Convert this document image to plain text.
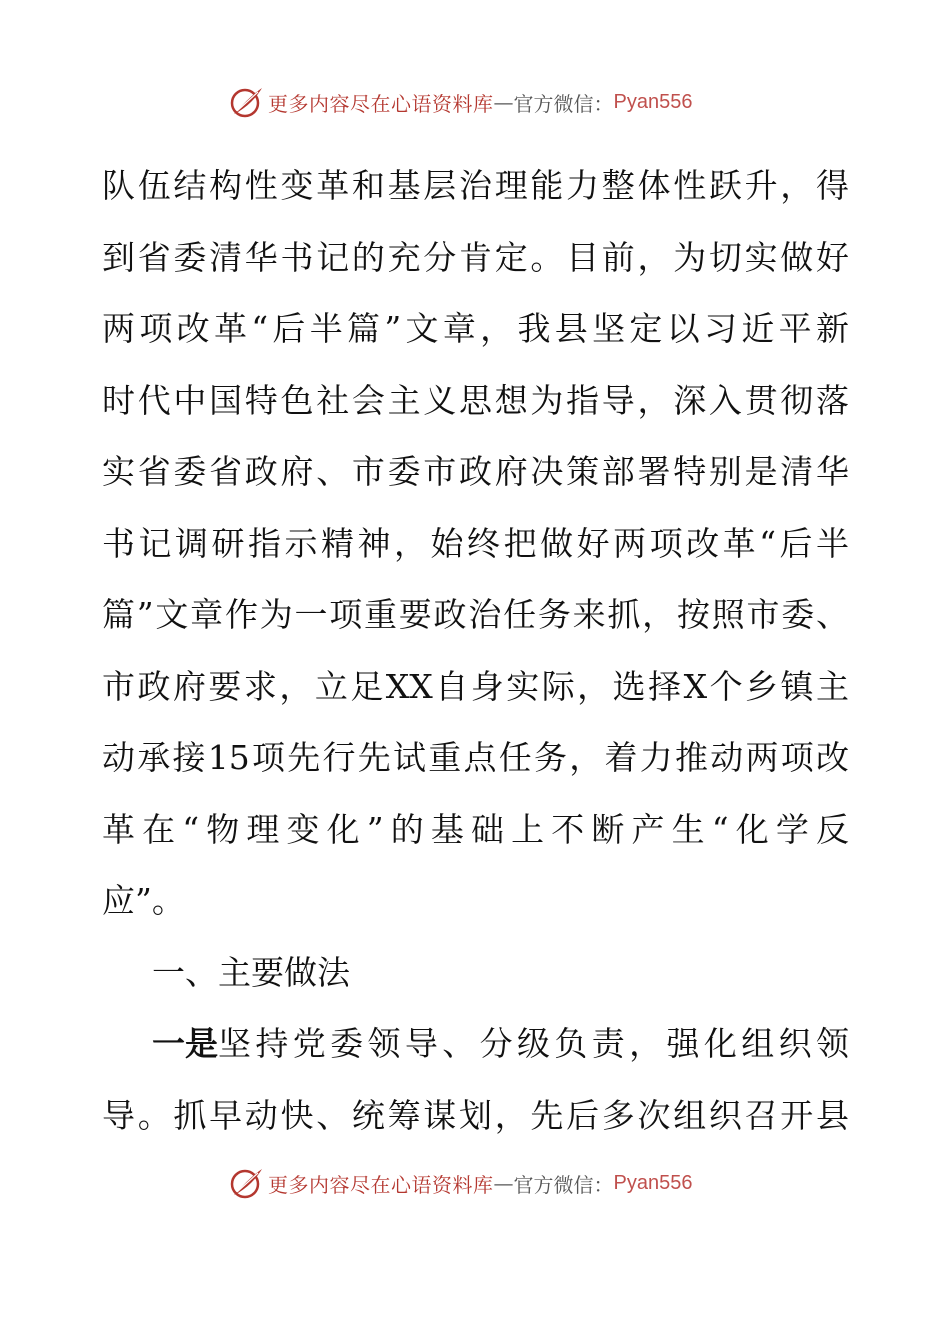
更多内容尽在心语资料库 — 官方微信： Pyan556
队伍结构性变革和基层治理能力整体性跃升，得
到省委清华书记的充分肯定。目前，为切实做好
两项改革“后半篇”文章，我县坚定以习近平新
时代中国特色社会主义思想为指导，深入贯彻落
实省委省政府、市委市政府决策部署特别是清华
书记调研指示精神，始终把做好两项改革“后半
篇”文章作为一项重要政治任务来抓，按照市委、
市政府要求，立足XX自身实际，选择X个乡镇主
动承接15项先行先试重点任务，着力推动两项改
革在“物理变化”的基础上不断产生“化学反
应”。
一、主要做法
一是 坚持党委领导、分级负责，强化组织领
导。抓早动快、统筹谋划，先后多次组织召开县
更多内容尽在心语资料库 — 官方微信： Pyan556
